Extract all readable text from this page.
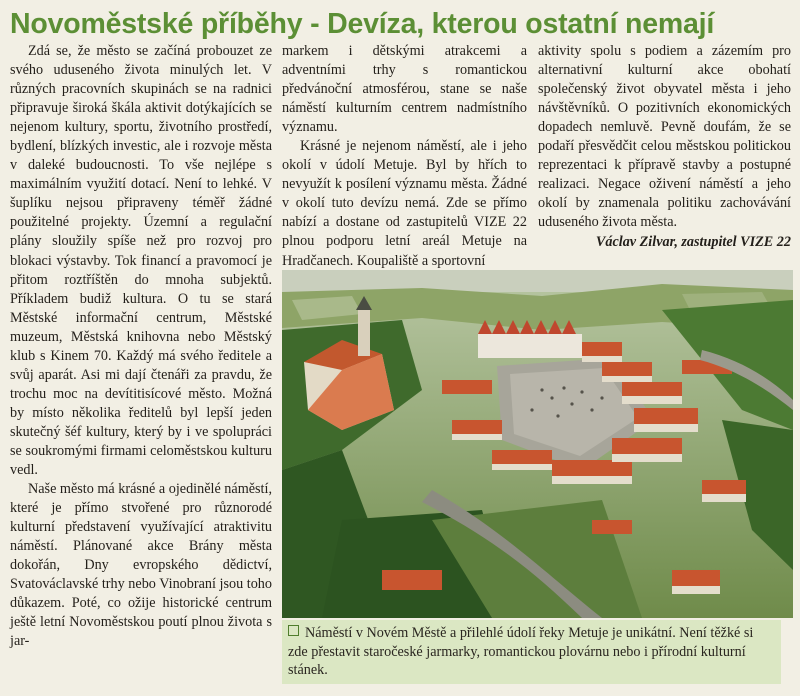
Novoměstské příběhy - Devíza, kterou ostatní nemají

Zdá se, že město se začíná probouzet ze svého uduseného života minulých let. V různých pracovních skupinách se na radnici připravuje široká škála aktivit dotýkajících se nejenom kultury, sportu, životního prostředí, bydlení, blízkých investic, ale i rozvoje města v daleké budoucnosti. To vše nejlépe s maximálním využití dotací. Není to lehké. V šuplíku nejsou připraveny téměř žádné použitelné projekty. Územní a regulační plány sloužily spíše než pro rozvoj pro blokaci výstavby. Tok financí a pravomocí je přitom roztříštěn do mnoha subjektů. Příkladem budiž kultura. O tu se stará Městské informační centrum, Městské muzeum, Městská knihovna nebo Městský klub s Kinem 70. Každý má svého ředitele a svůj aparát. Asi mi dají čtenáři za pravdu, že trochu moc na devítitisícové město. Možná by místo několika ředitelů byl lepší jeden skutečný šéf kultury, který by i ve spolupráci se soukromými firmami celoměstskou kulturu vedl.

Naše město má krásné a ojedinělé náměstí, které je přímo stvořené pro různorodé kulturní představení využívající atraktivitu náměstí. Plánované akce Brány města dokořán, Dny evropského dědictví, Svatováclavské trhy nebo Vinobraní jsou toho důkazem. Poté, co ožije historické centrum ještě letní Novoměstskou poutí plnou života s jar-

markem i dětskými atrakcemi a adventními trhy s romantickou předvánoční atmosférou, stane se naše náměstí kulturním centrem nadmístního významu.

Krásné je nejenom náměstí, ale i jeho okolí v údolí Metuje. Byl by hřích to nevyužít k posílení významu města. Žádné v okolí tuto devízu nemá. Zde se přímo nabízí a dostane od zastupitelů VIZE 22 plnou podporu letní areál Metuje na Hradčanech. Koupaliště a sportovní

aktivity spolu s podiem a zázemím pro alternativní kulturní akce obohatí společenský život obyvatel města i jeho návštěvníků. O pozitivních ekonomických dopadech nemluvě. Pevně doufám, že se podaří přesvědčit celou městskou politickou reprezentaci k přípravě stavby a postupné realizaci. Negace oživení náměstí a jeho okolí by znamenala politiku zachovávání uduseného života města.

Václav Zilvar, zastupitel VIZE 22

Náměstí v Novém Městě a přilehlé údolí řeky Metuje je unikátní. Není těžké si zde přestavit staročeské jarmarky, romantickou plovárnu nebo i přírodní kulturní stánek.
